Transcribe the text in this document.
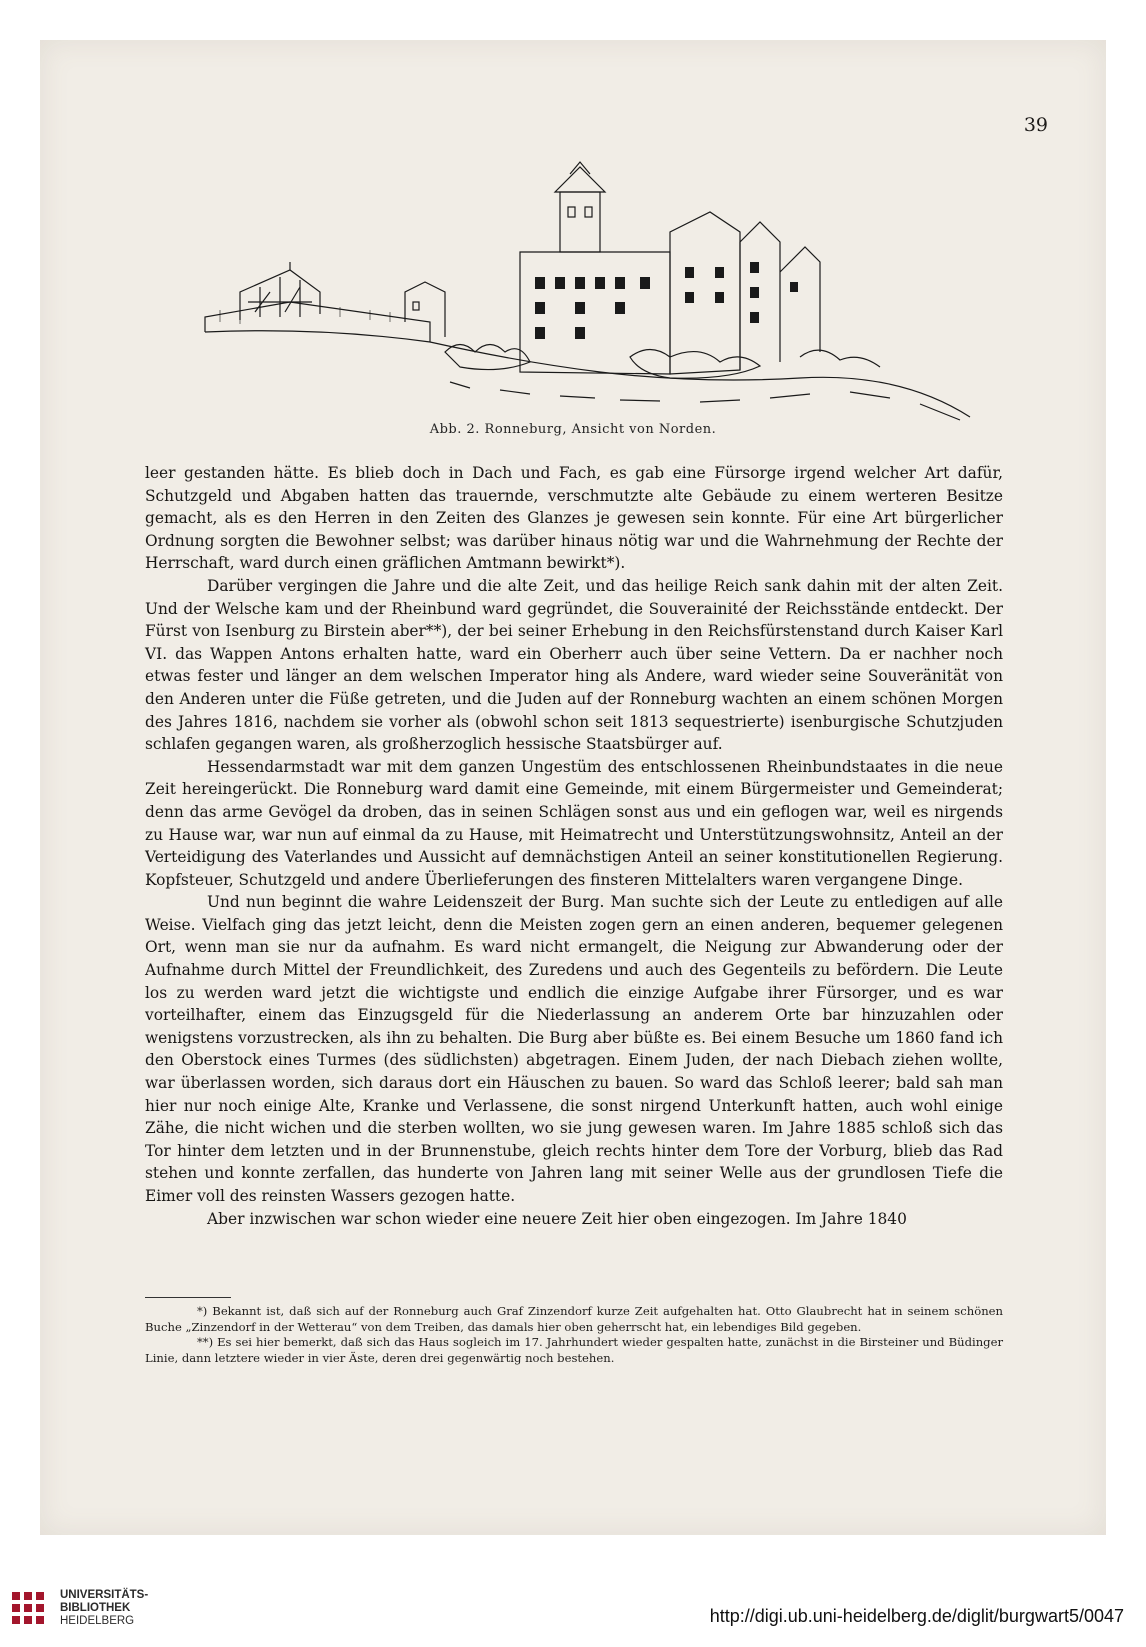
39
Abb. 2. Ronneburg, Ansicht von Norden.

leer gestanden hätte. Es blieb doch in Dach und Fach, es gab eine Fürsorge irgend welcher Art dafür, Schutzgeld und Abgaben hatten das trauernde, verschmutzte alte Gebäude zu einem werteren Besitze gemacht, als es den Herren in den Zeiten des Glanzes je gewesen sein konnte. Für eine Art bürgerlicher Ordnung sorgten die Bewohner selbst; was darüber hinaus nötig war und die Wahrnehmung der Rechte der Herrschaft, ward durch einen gräflichen Amtmann bewirkt*).

Darüber vergingen die Jahre und die alte Zeit, und das heilige Reich sank dahin mit der alten Zeit. Und der Welsche kam und der Rheinbund ward gegründet, die Souverainité der Reichsstände entdeckt. Der Fürst von Isenburg zu Birstein aber**), der bei seiner Erhebung in den Reichsfürstenstand durch Kaiser Karl VI. das Wappen Antons erhalten hatte, ward ein Oberherr auch über seine Vettern. Da er nachher noch etwas fester und länger an dem welschen Imperator hing als Andere, ward wieder seine Souveränität von den Anderen unter die Füße getreten, und die Juden auf der Ronneburg wachten an einem schönen Morgen des Jahres 1816, nachdem sie vorher als (obwohl schon seit 1813 sequestrierte) isenburgische Schutzjuden schlafen gegangen waren, als großherzoglich hessische Staatsbürger auf.

Hessendarmstadt war mit dem ganzen Ungestüm des entschlossenen Rheinbundstaates in die neue Zeit hereingerückt. Die Ronneburg ward damit eine Gemeinde, mit einem Bürgermeister und Gemeinderat; denn das arme Gevögel da droben, das in seinen Schlägen sonst aus und ein geflogen war, weil es nirgends zu Hause war, war nun auf einmal da zu Hause, mit Heimatrecht und Unterstützungswohnsitz, Anteil an der Verteidigung des Vaterlandes und Aussicht auf demnächstigen Anteil an seiner konstitutionellen Regierung. Kopfsteuer, Schutzgeld und andere Überlieferungen des finsteren Mittelalters waren vergangene Dinge.

Und nun beginnt die wahre Leidenszeit der Burg. Man suchte sich der Leute zu entledigen auf alle Weise. Vielfach ging das jetzt leicht, denn die Meisten zogen gern an einen anderen, bequemer gelegenen Ort, wenn man sie nur da aufnahm. Es ward nicht ermangelt, die Neigung zur Abwanderung oder der Aufnahme durch Mittel der Freundlichkeit, des Zuredens und auch des Gegenteils zu befördern. Die Leute los zu werden ward jetzt die wichtigste und endlich die einzige Aufgabe ihrer Fürsorger, und es war vorteilhafter, einem das Einzugsgeld für die Niederlassung an anderem Orte bar hinzuzahlen oder wenigstens vorzustrecken, als ihn zu behalten. Die Burg aber büßte es. Bei einem Besuche um 1860 fand ich den Oberstock eines Turmes (des südlichsten) abgetragen. Einem Juden, der nach Diebach ziehen wollte, war überlassen worden, sich daraus dort ein Häuschen zu bauen. So ward das Schloß leerer; bald sah man hier nur noch einige Alte, Kranke und Verlassene, die sonst nirgend Unterkunft hatten, auch wohl einige Zähe, die nicht wichen und die sterben wollten, wo sie jung gewesen waren. Im Jahre 1885 schloß sich das Tor hinter dem letzten und in der Brunnenstube, gleich rechts hinter dem Tore der Vorburg, blieb das Rad stehen und konnte zerfallen, das hunderte von Jahren lang mit seiner Welle aus der grundlosen Tiefe die Eimer voll des reinsten Wassers gezogen hatte.

Aber inzwischen war schon wieder eine neuere Zeit hier oben eingezogen. Im Jahre 1840

*) Bekannt ist, daß sich auf der Ronneburg auch Graf Zinzendorf kurze Zeit aufgehalten hat. Otto Glaubrecht hat in seinem schönen Buche „Zinzendorf in der Wetterau“ von dem Treiben, das damals hier oben geherrscht hat, ein lebendiges Bild gegeben.

**) Es sei hier bemerkt, daß sich das Haus sogleich im 17. Jahrhundert wieder gespalten hatte, zunächst in die Birsteiner und Büdinger Linie, dann letztere wieder in vier Äste, deren drei gegenwärtig noch bestehen.

UNIVERSITÄTS-
BIBLIOTHEK
HEIDELBERG	http://digi.ub.uni-heidelberg.de/diglit/burgwart5/0047
